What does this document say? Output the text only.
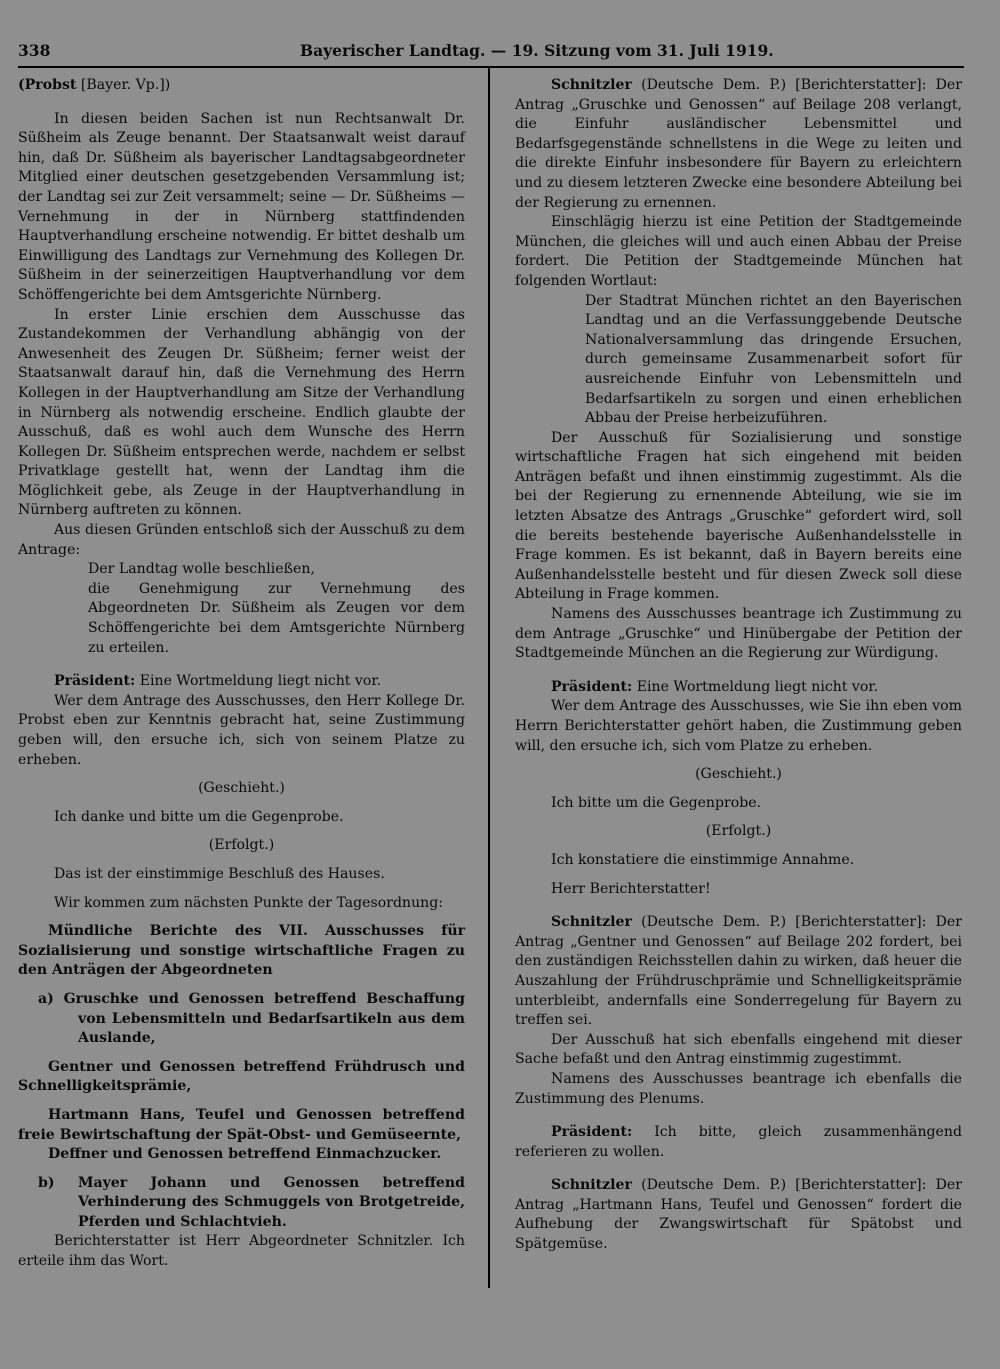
338	Bayerischer Landtag. — 19. Sitzung vom 31. Juli 1919.

(Probst [Bayer. Vp.])

In diesen beiden Sachen ist nun Rechtsanwalt Dr. Süßheim als Zeuge benannt. Der Staatsanwalt weist darauf hin, daß Dr. Süßheim als bayerischer Landtagsabgeordneter Mitglied einer deutschen gesetzgebenden Versammlung ist; der Landtag sei zur Zeit versammelt; seine — Dr. Süßheims — Vernehmung in der in Nürnberg stattfindenden Hauptverhandlung erscheine notwendig. Er bittet deshalb um Einwilligung des Landtags zur Vernehmung des Kollegen Dr. Süßheim in der seinerzeitigen Hauptverhandlung vor dem Schöffengerichte bei dem Amtsgerichte Nürnberg.

In erster Linie erschien dem Ausschusse das Zustandekommen der Verhandlung abhängig von der Anwesenheit des Zeugen Dr. Süßheim; ferner weist der Staatsanwalt darauf hin, daß die Vernehmung des Herrn Kollegen in der Hauptverhandlung am Sitze der Verhandlung in Nürnberg als notwendig erscheine. Endlich glaubte der Ausschuß, daß es wohl auch dem Wunsche des Herrn Kollegen Dr. Süßheim entsprechen werde, nachdem er selbst Privatklage gestellt hat, wenn der Landtag ihm die Möglichkeit gebe, als Zeuge in der Hauptverhandlung in Nürnberg auftreten zu können.

Aus diesen Gründen entschloß sich der Ausschuß zu dem Antrage:

Der Landtag wolle beschließen,

die Genehmigung zur Vernehmung des Abgeordneten Dr. Süßheim als Zeugen vor dem Schöffengerichte bei dem Amtsgerichte Nürnberg zu erteilen.

Präsident: Eine Wortmeldung liegt nicht vor.

Wer dem Antrage des Ausschusses, den Herr Kollege Dr. Probst eben zur Kenntnis gebracht hat, seine Zustimmung geben will, den ersuche ich, sich von seinem Platze zu erheben.

(Geschieht.)

Ich danke und bitte um die Gegenprobe.

(Erfolgt.)

Das ist der einstimmige Beschluß des Hauses.

Wir kommen zum nächsten Punkte der Tagesordnung:

Mündliche Berichte des VII. Ausschusses für Sozialisierung und sonstige wirtschaftliche Fragen zu den Anträgen der Abgeordneten

a) Gruschke und Genossen betreffend Beschaffung von Lebensmitteln und Bedarfsartikeln aus dem Auslande,

Gentner und Genossen betreffend Frühdrusch und Schnelligkeitsprämie,

Hartmann Hans, Teufel und Genossen betreffend freie Bewirtschaftung der Spät-Obst- und Gemüseernte,

Deffner und Genossen betreffend Einmachzucker.

b) Mayer Johann und Genossen betreffend Verhinderung des Schmuggels von Brotgetreide, Pferden und Schlachtvieh.

Berichterstatter ist Herr Abgeordneter Schnitzler. Ich erteile ihm das Wort.

Schnitzler (Deutsche Dem. P.) [Berichterstatter]: Der Antrag „Gruschke und Genossen“ auf Beilage 208 verlangt, die Einfuhr ausländischer Lebensmittel und Bedarfsgegenstände schnellstens in die Wege zu leiten und die direkte Einfuhr insbesondere für Bayern zu erleichtern und zu diesem letzteren Zwecke eine besondere Abteilung bei der Regierung zu ernennen.

Einschlägig hierzu ist eine Petition der Stadtgemeinde München, die gleiches will und auch einen Abbau der Preise fordert. Die Petition der Stadtgemeinde München hat folgenden Wortlaut:

Der Stadtrat München richtet an den Bayerischen Landtag und an die Verfassunggebende Deutsche Nationalversammlung das dringende Ersuchen, durch gemeinsame Zusammenarbeit sofort für ausreichende Einfuhr von Lebensmitteln und Bedarfsartikeln zu sorgen und einen erheblichen Abbau der Preise herbeizuführen.

Der Ausschuß für Sozialisierung und sonstige wirtschaftliche Fragen hat sich eingehend mit beiden Anträgen befaßt und ihnen einstimmig zugestimmt. Als die bei der Regierung zu ernennende Abteilung, wie sie im letzten Absatze des Antrags „Gruschke“ gefordert wird, soll die bereits bestehende bayerische Außenhandelsstelle in Frage kommen. Es ist bekannt, daß in Bayern bereits eine Außenhandelsstelle besteht und für diesen Zweck soll diese Abteilung in Frage kommen.

Namens des Ausschusses beantrage ich Zustimmung zu dem Antrage „Gruschke“ und Hinübergabe der Petition der Stadtgemeinde München an die Regierung zur Würdigung.

Präsident: Eine Wortmeldung liegt nicht vor.

Wer dem Antrage des Ausschusses, wie Sie ihn eben vom Herrn Berichterstatter gehört haben, die Zustimmung geben will, den ersuche ich, sich vom Platze zu erheben.

(Geschieht.)

Ich bitte um die Gegenprobe.

(Erfolgt.)

Ich konstatiere die einstimmige Annahme.

Herr Berichterstatter!

Schnitzler (Deutsche Dem. P.) [Berichterstatter]: Der Antrag „Gentner und Genossen“ auf Beilage 202 fordert, bei den zuständigen Reichsstellen dahin zu wirken, daß heuer die Auszahlung der Frühdruschprämie und Schnelligkeitsprämie unterbleibt, andernfalls eine Sonderregelung für Bayern zu treffen sei.

Der Ausschuß hat sich ebenfalls eingehend mit dieser Sache befaßt und den Antrag einstimmig zugestimmt.

Namens des Ausschusses beantrage ich ebenfalls die Zustimmung des Plenums.

Präsident: Ich bitte, gleich zusammenhängend referieren zu wollen.

Schnitzler (Deutsche Dem. P.) [Berichterstatter]: Der Antrag „Hartmann Hans, Teufel und Genossen“ fordert die Aufhebung der Zwangswirtschaft für Spätobst und Spätgemüse.
